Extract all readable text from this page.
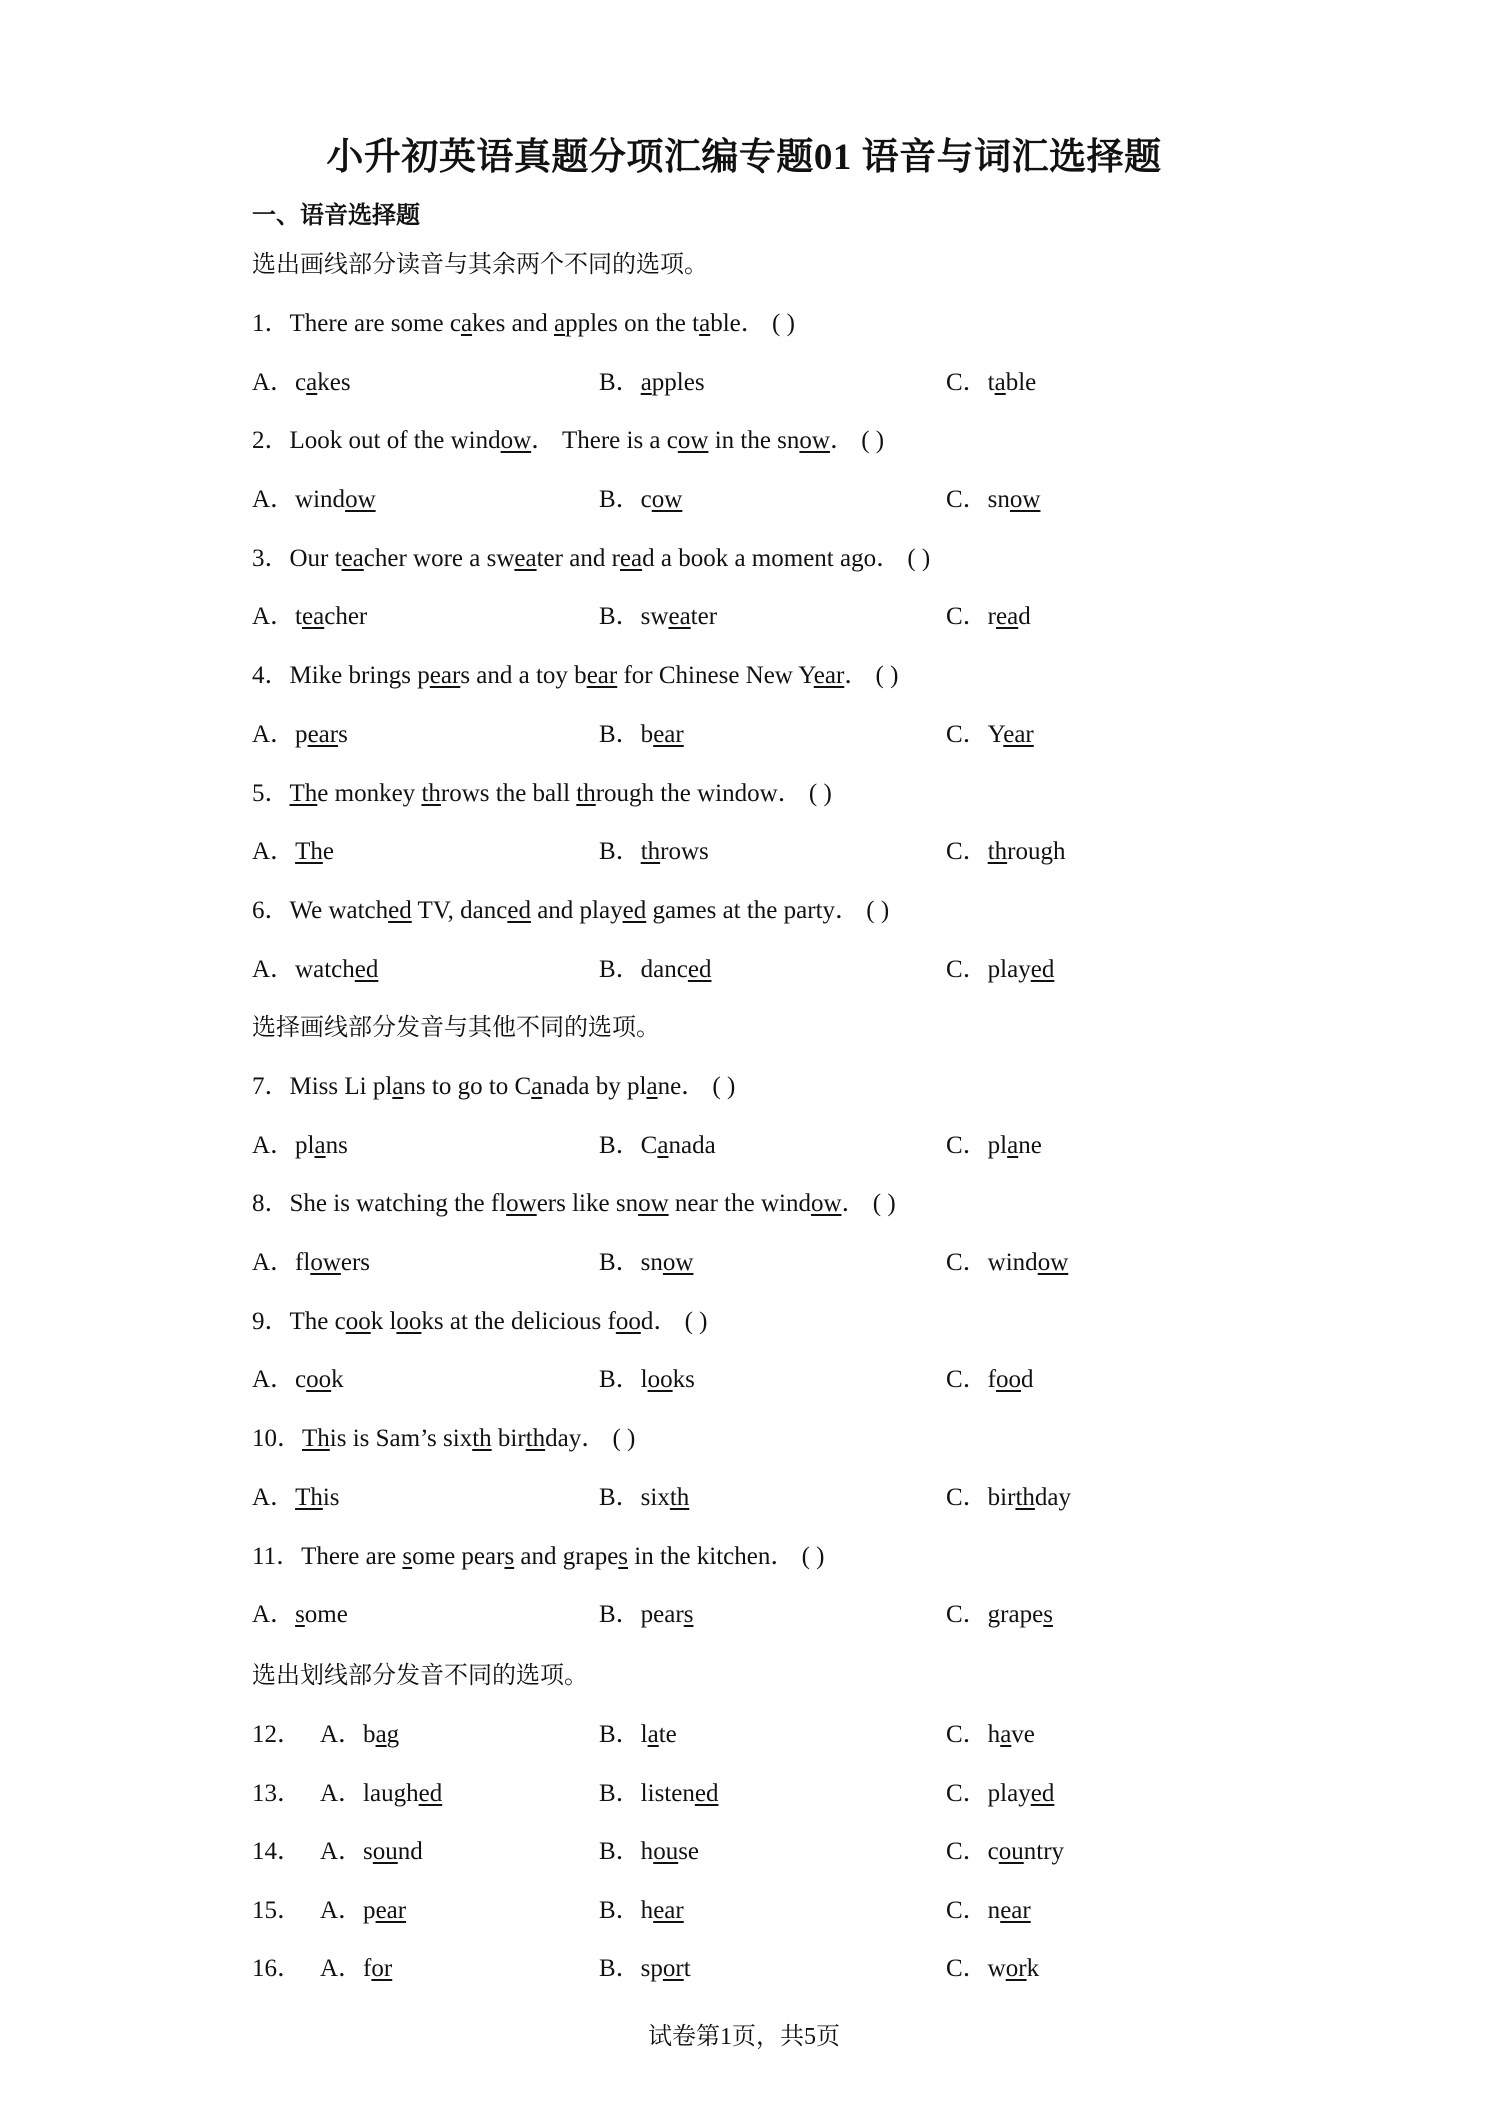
小升初英语真题分项汇编专题01 语音与词汇选择题
一、语音选择题
选出画线部分读音与其余两个不同的选项。
选择画线部分发音与其他不同的选项。
选出划线部分发音不同的选项。
1．There are some cakes and apples on the table． ( )
A．cakes	B．apples	C．table
2．Look out of the window． There is a cow in the snow． ( )
A．window	B．cow	C．snow
3．Our teacher wore a sweater and read a book a moment ago． ( )
A．teacher	B．sweater	C．read
4．Mike brings pears and a toy bear for Chinese New Year． ( )
A．pears	B．bear	C．Year
5．The monkey throws the ball through the window． ( )
A．The	B．throws	C．through
6．We watched TV, danced and played games at the party． ( )
A．watched	B．danced	C．played
7．Miss Li plans to go to Canada by plane． ( )
A．plans	B．Canada	C．plane
8．She is watching the flowers like snow near the window． ( )
A．flowers	B．snow	C．window
9．The cook looks at the delicious food． ( )
A．cook	B．looks	C．food
10．This is Sam’s sixth birthday． ( )
A．This	B．sixth	C．birthday
11．There are some pears and grapes in the kitchen． ( )
A．some	B．pears	C．grapes
12． A．bag	B．late	C．have
13． A．laughed	B．listened	C．played
14． A．sound	B．house	C．country
15． A．pear	B．hear	C．near
16． A．for	B．sport	C．work
试卷第1页，共5页
